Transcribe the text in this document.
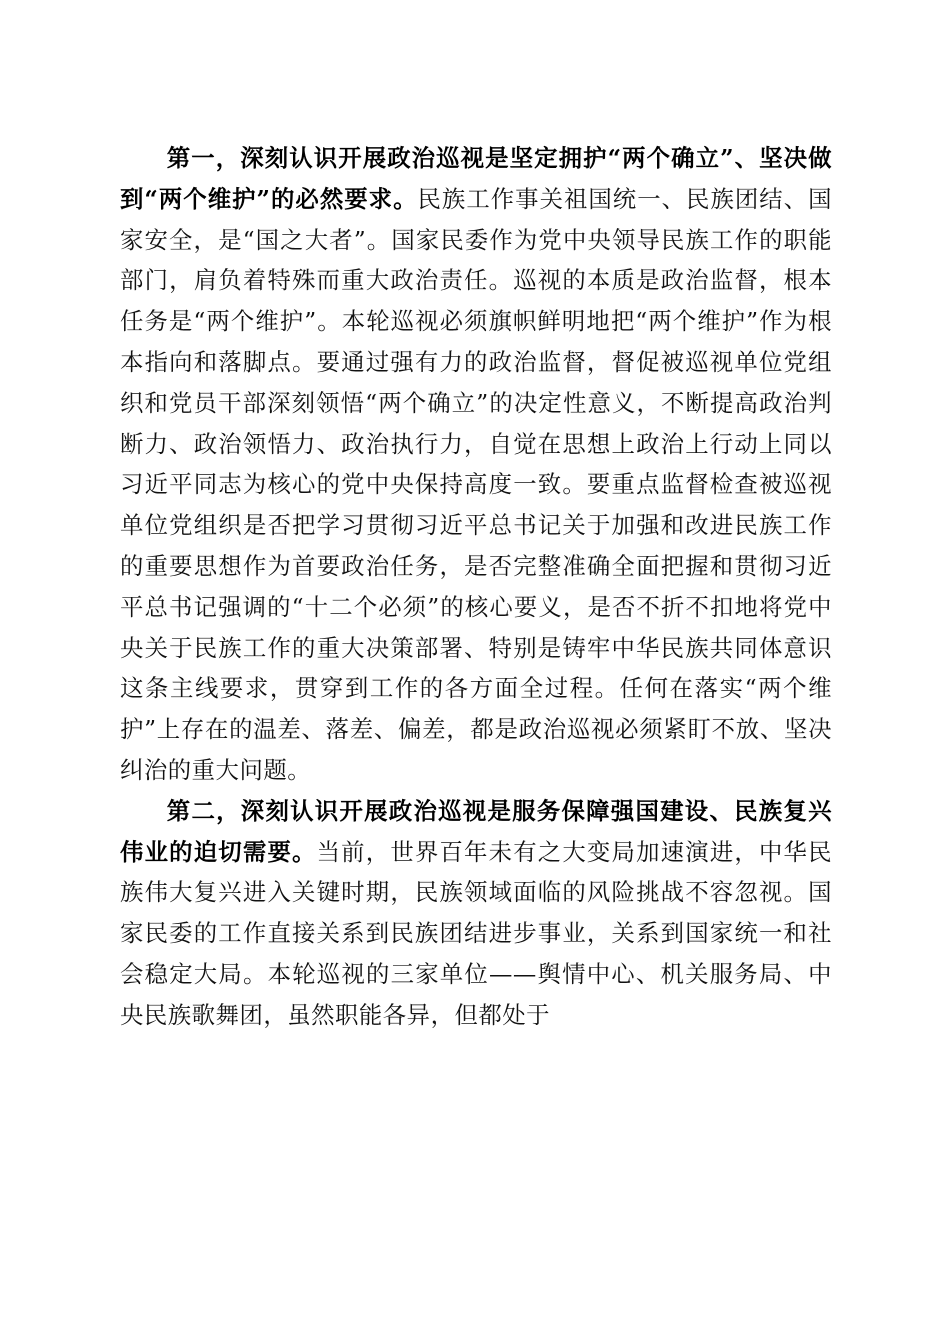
第一，深刻认识开展政治巡视是坚定拥护“两个确立”、坚决做到“两个维护”的必然要求。民族工作事关祖国统一、民族团结、国家安全，是“国之大者”。国家民委作为党中央领导民族工作的职能部门，肩负着特殊而重大政治责任。巡视的本质是政治监督，根本任务是“两个维护”。本轮巡视必须旗帜鲜明地把“两个维护”作为根本指向和落脚点。要通过强有力的政治监督，督促被巡视单位党组织和党员干部深刻领悟“两个确立”的决定性意义，不断提高政治判断力、政治领悟力、政治执行力，自觉在思想上政治上行动上同以习近平同志为核心的党中央保持高度一致。要重点监督检查被巡视单位党组织是否把学习贯彻习近平总书记关于加强和改进民族工作的重要思想作为首要政治任务，是否完整准确全面把握和贯彻习近平总书记强调的“十二个必须”的核心要义，是否不折不扣地将党中央关于民族工作的重大决策部署、特别是铸牢中华民族共同体意识这条主线要求，贯穿到工作的各方面全过程。任何在落实“两个维护”上存在的温差、落差、偏差，都是政治巡视必须紧盯不放、坚决纠治的重大问题。

第二，深刻认识开展政治巡视是服务保障强国建设、民族复兴伟业的迫切需要。当前，世界百年未有之大变局加速演进，中华民族伟大复兴进入关键时期，民族领域面临的风险挑战不容忽视。国家民委的工作直接关系到民族团结进步事业，关系到国家统一和社会稳定大局。本轮巡视的三家单位——舆情中心、机关服务局、中央民族歌舞团，虽然职能各异，但都处于
